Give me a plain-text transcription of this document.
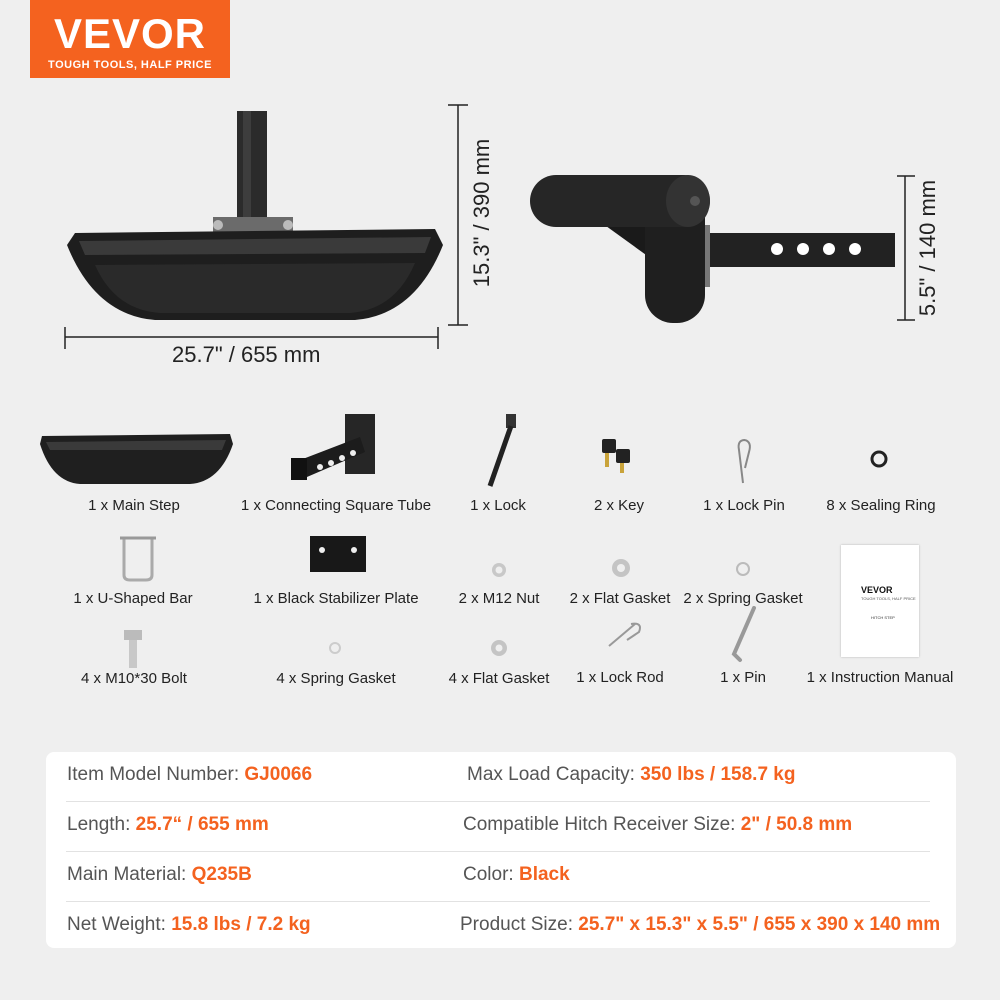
VEVOR
TOUGH TOOLS, HALF PRICE
25.7" / 655 mm
15.3" / 390 mm	5.5" / 140 mm
VEVOR
TOUGH TOOLS, HALF PRICE
HITCH STEP
1 x Main Step	1 x Connecting Square Tube	1 x Lock	2 x Key	1 x Lock Pin	8 x Sealing Ring
1 x U-Shaped Bar	1 x Black Stabilizer Plate	2 x M12 Nut 2 x Flat Gasket 2 x Spring Gasket
4 x M10*30 Bolt	4 x Spring Gasket	4 x Flat Gasket 1 x Lock Rod	1 x Pin	1 x Instruction Manual
Item Model Number: GJ0066	Max Load Capacity: 350 lbs / 158.7 kg
Length: 25.7“ / 655 mm	Compatible Hitch Receiver Size: 2" / 50.8 mm
Main Material: Q235B	Color: Black
Net Weight: 15.8 lbs / 7.2 kg	Product Size: 25.7" x 15.3" x 5.5" / 655 x 390 x 140 mm
